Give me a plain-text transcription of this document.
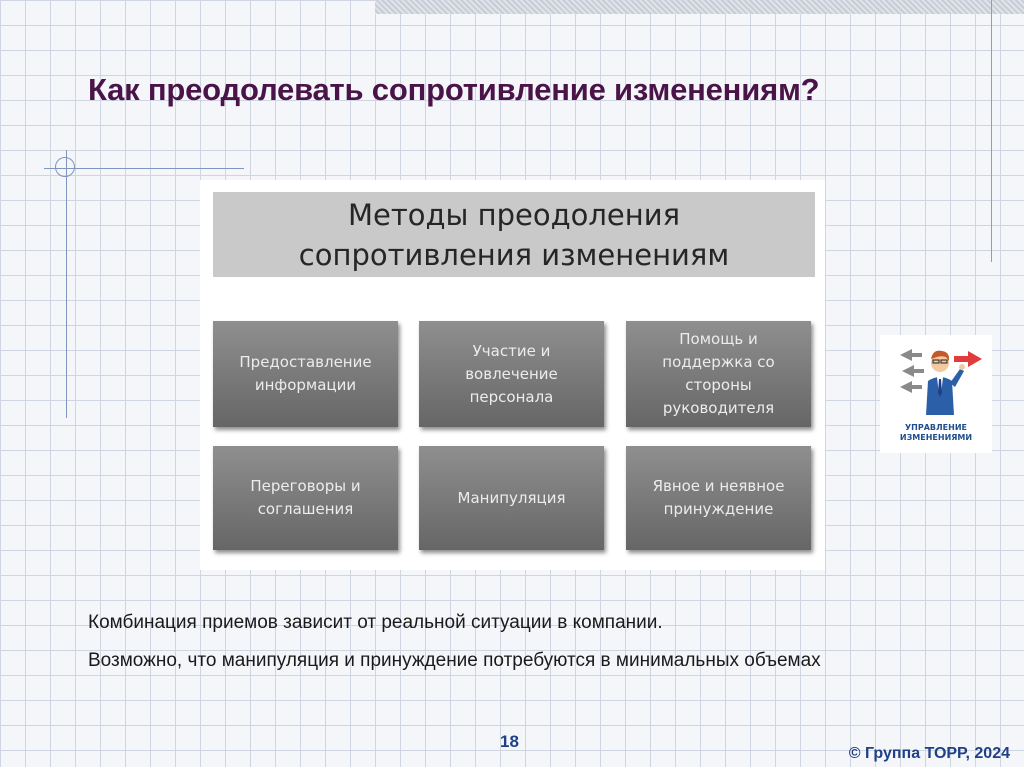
Как преодолевать сопротивление изменениям?
Методы преодоления
сопротивления изменениям
Предоставление
информации
Участие и
вовлечение
персонала
Помощь и
поддержка со
стороны
руководителя
Переговоры и
соглашения
Манипуляция
Явное и неявное
принуждение
УПРАВЛЕНИЕ
ИЗМЕНЕНИЯМИ

Комбинация приемов зависит от реальной ситуации в компании.

Возможно, что манипуляция и принуждение потребуются в минимальных объемах

18
© Группа ТОРР, 2024
